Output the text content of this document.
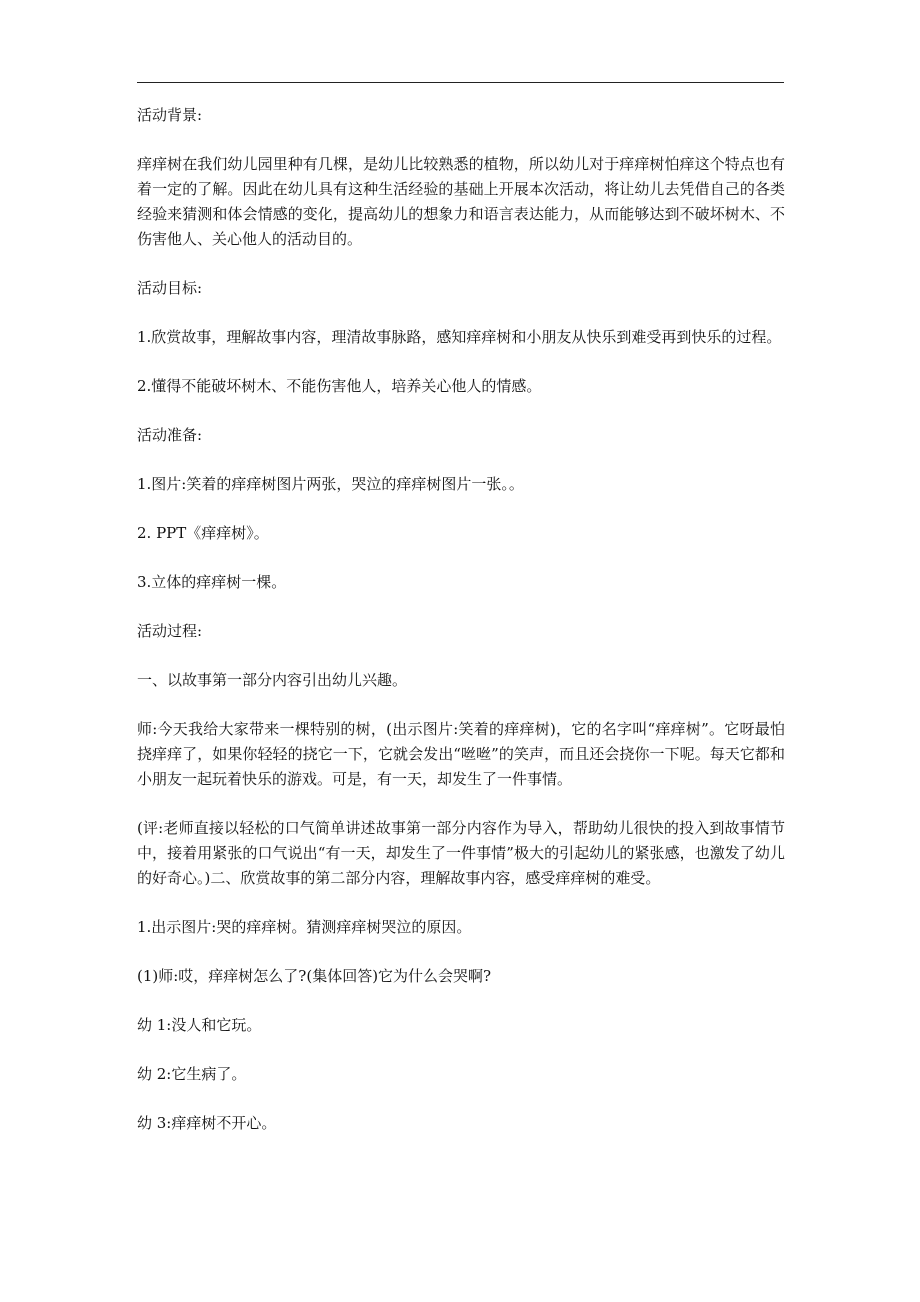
活动背景:

痒痒树在我们幼儿园里种有几棵，是幼儿比较熟悉的植物，所以幼儿对于痒痒树怕痒这个特点也有着一定的了解。因此在幼儿具有这种生活经验的基础上开展本次活动，将让幼儿去凭借自己的各类经验来猜测和体会情感的变化，提高幼儿的想象力和语言表达能力，从而能够达到不破坏树木、不伤害他人、关心他人的活动目的。

活动目标:

1.欣赏故事，理解故事内容，理清故事脉路，感知痒痒树和小朋友从快乐到难受再到快乐的过程。

2.懂得不能破坏树木、不能伤害他人，培养关心他人的情感。

活动准备:

1.图片:笑着的痒痒树图片两张，哭泣的痒痒树图片一张。。

2. PPT《痒痒树》。

3.立体的痒痒树一棵。

活动过程:

一、以故事第一部分内容引出幼儿兴趣。

师:今天我给大家带来一棵特别的树，(出示图片:笑着的痒痒树)，它的名字叫“痒痒树”。它呀最怕挠痒痒了，如果你轻轻的挠它一下，它就会发出“咝咝”的笑声，而且还会挠你一下呢。每天它都和小朋友一起玩着快乐的游戏。可是，有一天，却发生了一件事情。

(评:老师直接以轻松的口气简单讲述故事第一部分内容作为导入，帮助幼儿很快的投入到故事情节中，接着用紧张的口气说出“有一天，却发生了一件事情”极大的引起幼儿的紧张感，也激发了幼儿的好奇心。)二、欣赏故事的第二部分内容，理解故事内容，感受痒痒树的难受。

1.出示图片:哭的痒痒树。猜测痒痒树哭泣的原因。

(1)师:哎，痒痒树怎么了?(集体回答)它为什么会哭啊?

幼 1:没人和它玩。

幼 2:它生病了。

幼 3:痒痒树不开心。
